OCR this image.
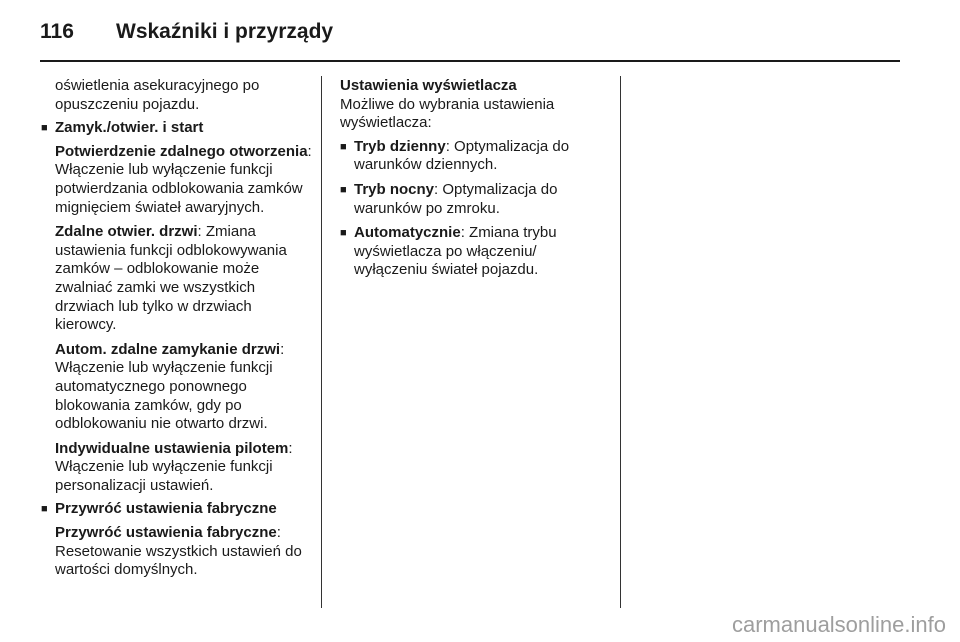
116 Wskaźniki i przyrządy
oświetlenia asekuracyjnego po opuszczeniu pojazdu.
■ Zamyk./otwier. i start
Potwierdzenie zdalnego otworzenia: Włączenie lub wyłączenie funkcji potwierdzania odblokowania zamków mignięciem świateł awaryjnych.
Zdalne otwier. drzwi: Zmiana ustawienia funkcji odblokowywania zamków – odblokowanie może zwalniać zamki we wszystkich drzwiach lub tylko w drzwiach kierowcy.
Autom. zdalne zamykanie drzwi: Włączenie lub wyłączenie funkcji automatycznego ponownego blokowania zamków, gdy po odblokowaniu nie otwarto drzwi.
Indywidualne ustawienia pilotem: Włączenie lub wyłączenie funkcji personalizacji ustawień.
■ Przywróć ustawienia fabryczne
Przywróć ustawienia fabryczne: Resetowanie wszystkich ustawień do wartości domyślnych.
Ustawienia wyświetlacza
Możliwe do wybrania ustawienia wyświetlacza:
■ Tryb dzienny: Optymalizacja do warunków dziennych.
■ Tryb nocny: Optymalizacja do warunków po zmroku.
■ Automatycznie: Zmiana trybu wyświetlacza po włączeniu/ wyłączeniu świateł pojazdu.
carmanualsonline.info
